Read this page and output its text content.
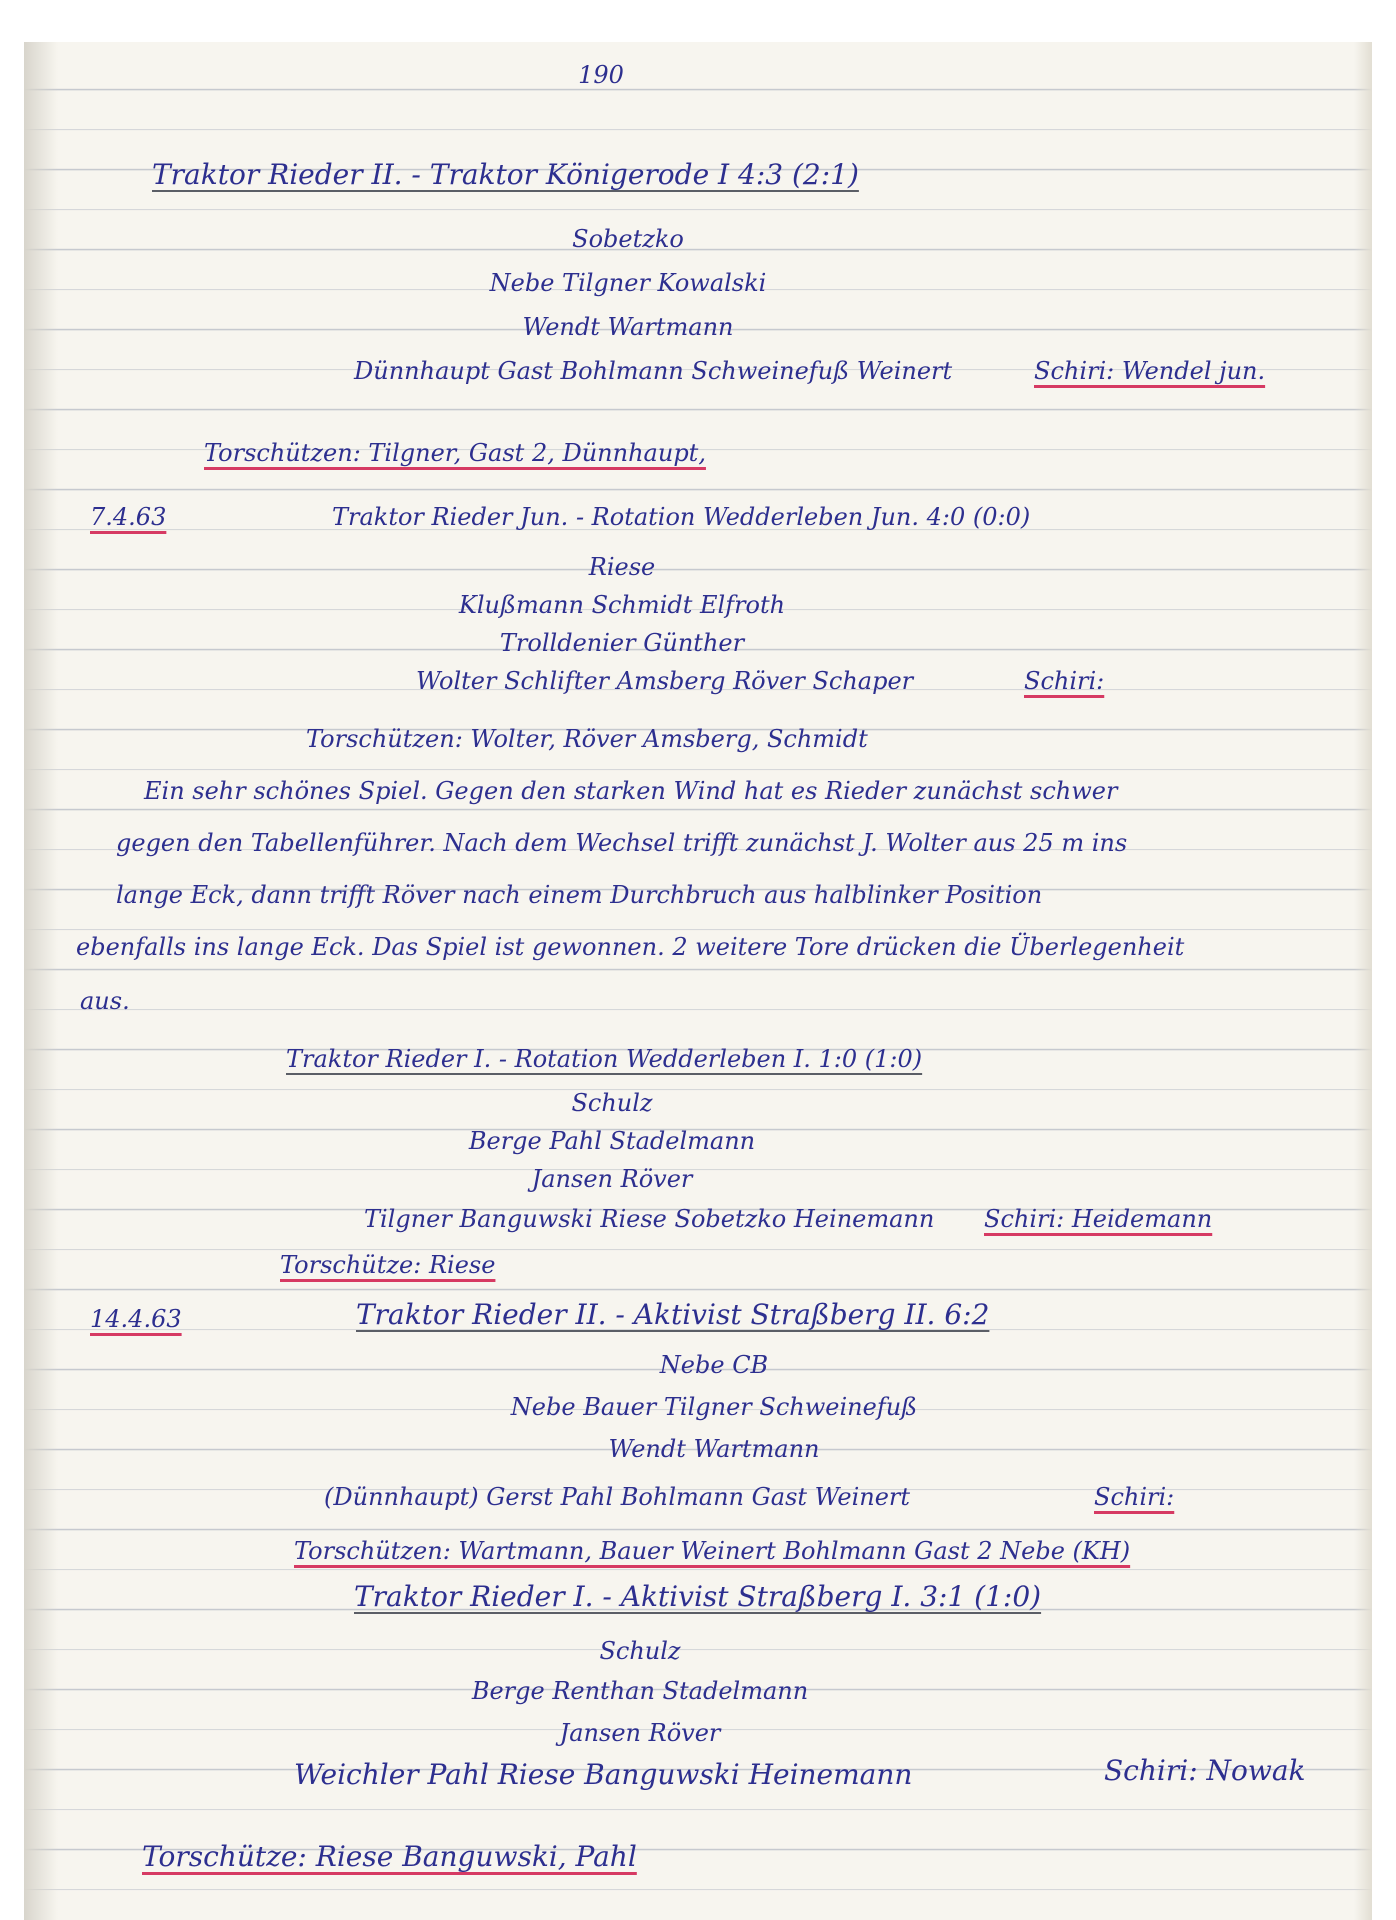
190
Traktor Rieder II. - Traktor Königerode I 4:3 (2:1)
Sobetzko
Nebe Tilgner Kowalski
Wendt Wartmann
Dünnhaupt Gast Bohlmann Schweinefuß Weinert	Schiri: Wendel jun.
Torschützen: Tilgner, Gast 2, Dünnhaupt,
7.4.63	Traktor Rieder Jun. - Rotation Wedderleben Jun. 4:0 (0:0)
Riese
Klußmann Schmidt Elfroth
Trolldenier Günther
Wolter Schlifter Amsberg Röver Schaper	Schiri:
Torschützen: Wolter, Röver Amsberg, Schmidt
Ein sehr schönes Spiel. Gegen den starken Wind hat es Rieder zunächst schwer
gegen den Tabellenführer. Nach dem Wechsel trifft zunächst J. Wolter aus 25 m ins
lange Eck, dann trifft Röver nach einem Durchbruch aus halblinker Position
ebenfalls ins lange Eck. Das Spiel ist gewonnen. 2 weitere Tore drücken die Überlegenheit
aus.
Traktor Rieder I. - Rotation Wedderleben I. 1:0 (1:0)
Schulz
Berge Pahl Stadelmann
Jansen Röver
Tilgner Banguwski Riese Sobetzko Heinemann Schiri: Heidemann
Torschütze: Riese
14.4.63	Traktor Rieder II. - Aktivist Straßberg II. 6:2
Nebe CB
Nebe Bauer Tilgner Schweinefuß
Wendt Wartmann
(Dünnhaupt) Gerst Pahl Bohlmann Gast Weinert	Schiri:
Torschützen: Wartmann, Bauer Weinert Bohlmann Gast 2 Nebe (KH)
Traktor Rieder I. - Aktivist Straßberg I. 3:1 (1:0)
Schulz
Berge Renthan Stadelmann
Jansen Röver
Weichler Pahl Riese Banguwski Heinemann	Schiri: Nowak
Torschütze: Riese Banguwski, Pahl
